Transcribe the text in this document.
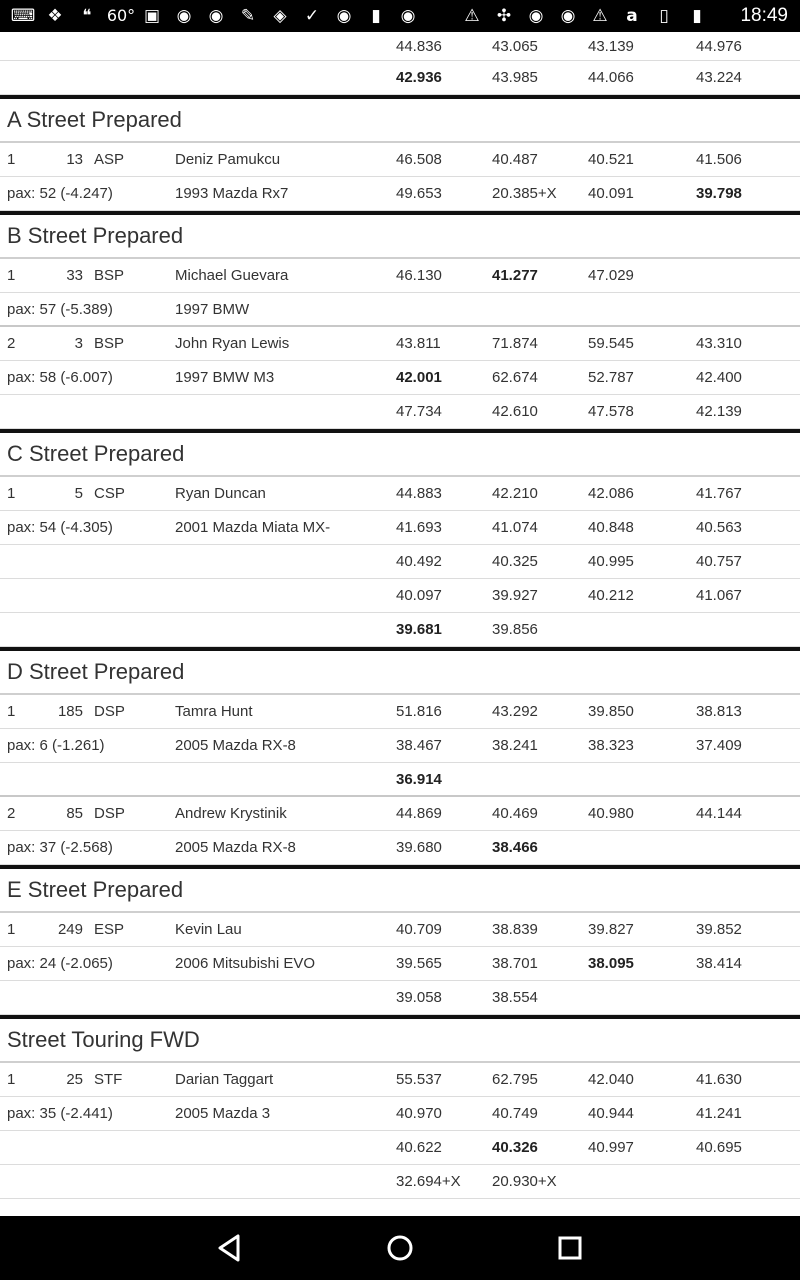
⌨ ❖	❝ 60° ▣ ◉ ◉ ✎	◈	✓ ◉	▮	◉	⚠ ✣ ◉ ◉ ⚠	a	▯	▮	18:49
44.836	43.065	43.139	44.976
42.936	43.985	44.066	43.224
A Street Prepared
1	13 ASP	Deniz Pamukcu	46.508	40.487	40.521	41.506
pax: 52 (-4.247)	1993 Mazda Rx7	49.653	20.385+X 40.091	39.798
B Street Prepared
1	33 BSP	Michael Guevara	46.130	41.277	47.029
pax: 57 (-5.389)	1997 BMW
2	3 BSP	John Ryan Lewis	43.811	71.874	59.545	43.310
pax: 58 (-6.007)	1997 BMW M3	42.001	62.674	52.787	42.400
47.734	42.610	47.578	42.139
C Street Prepared
1	5 CSP	Ryan Duncan	44.883	42.210	42.086	41.767
pax: 54 (-4.305)	2001 Mazda Miata MX-	41.693	41.074	40.848	40.563
40.492	40.325	40.995	40.757
40.097	39.927	40.212	41.067
39.681	39.856
D Street Prepared
1	185 DSP	Tamra Hunt	51.816	43.292	39.850	38.813
pax: 6 (-1.261)	2005 Mazda RX-8	38.467	38.241	38.323	37.409
36.914
2	85 DSP	Andrew Krystinik	44.869	40.469	40.980	44.144
pax: 37 (-2.568)	2005 Mazda RX-8	39.680	38.466
E Street Prepared
1	249 ESP	Kevin Lau	40.709	38.839	39.827	39.852
pax: 24 (-2.065)	2006 Mitsubishi EVO	39.565	38.701	38.095	38.414
39.058	38.554
Street Touring FWD
1	25 STF	Darian Taggart	55.537	62.795	42.040	41.630
pax: 35 (-2.441)	2005 Mazda 3	40.970	40.749	40.944	41.241
40.622	40.326	40.997	40.695
32.694+X 20.930+X
